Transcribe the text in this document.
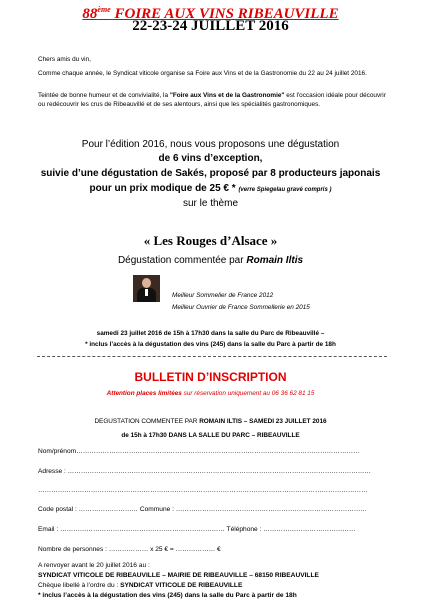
88ème FOIRE AUX VINS RIBEAUVILLE
22-23-24 JUILLET 2016
Chers amis du vin,
Comme chaque année, le Syndicat viticole organise sa Foire aux Vins et de la Gastronomie du 22 au 24 juillet 2016.
Teintée de bonne humeur et de convivialité, la "Foire aux Vins et de la Gastronomie" est l'occasion idéale pour découvrir ou redécouvrir les crus de Ribeauvillé et de ses alentours, ainsi que les spécialités gastronomiques.
Pour l’édition 2016, nous vous proposons une dégustation
de 6 vins d’exception,
suivie d’une dégustation de Sakés, proposé par 8 producteurs japonais
pour un prix modique de 25 € * (verre Spiegelau gravé compris )
sur le thème
« Les Rouges d’Alsace »
Dégustation commentée par Romain Iltis
Meilleur Sommelier de France 2012
Meilleur Ouvrier de France Sommellerie en 2015
samedi 23 juillet 2016 de 15h à 17h30 dans la salle du Parc de Ribeauvillé –
* inclus l’accès à la dégustation des vins (245) dans la salle du Parc à partir de 18h
BULLETIN D’INSCRIPTION
Attention places limitées sur réservation uniquement au 06 36 62 81 15
DEGUSTATION COMMENTEE PAR ROMAIN ILTIS – SAMEDI 23 JUILLET 2016
de 15h à 17h30 DANS LA SALLE DU PARC – RIBEAUVILLE
Nom/prénom…………………………………………………………………………………………………………………
Adresse : …………………………………………………………………………………………………………………………
……………………………………………………………………………………………………………………………………
Code postal : ……………………… Commune : ……………………………………………………………………………
Email : ………………………………………………………………… Téléphone : ……………………………………
Nombre de personnes : ……………… x 25 € = ……………… €
A renvoyer avant le 20 juillet 2016 au :
SYNDICAT VITICOLE DE RIBEAUVILLE – MAIRIE DE RIBEAUVILLE – 68150 RIBEAUVILLE
Chèque libellé à l’ordre du : SYNDICAT VITICOLE DE RIBEAUVILLE
* inclus l’accès à la dégustation des vins (245) dans la salle du Parc à partir de 18h
